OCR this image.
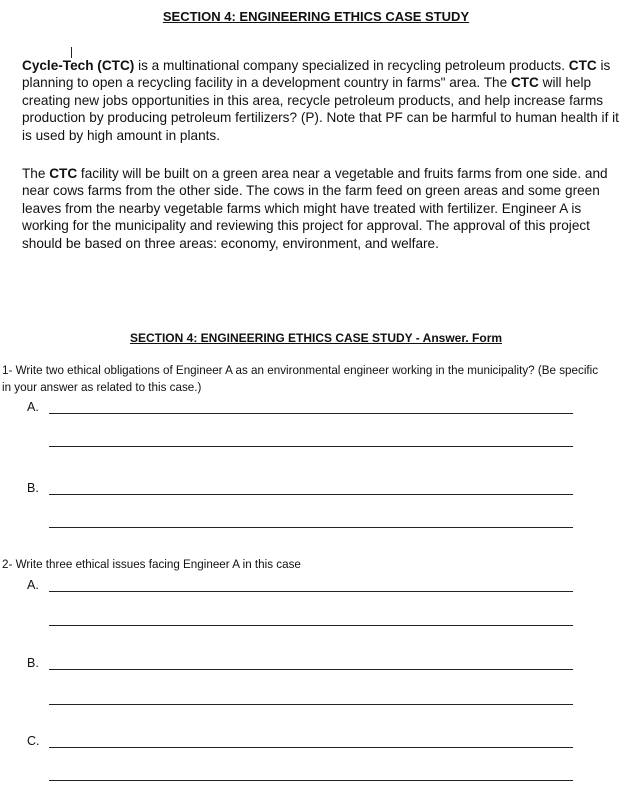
SECTION 4: ENGINEERING ETHICS CASE STUDY

Cycle-Tech (CTC) is a multinational company specialized in recycling petroleum products. CTC is planning to open a recycling facility in a development country in farms" area. The CTC will help creating new jobs opportunities in this area, recycle petroleum products, and help increase farms production by producing petroleum fertilizers? (P). Note that PF can be harmful to human health if it is used by high amount in plants.

The CTC facility will be built on a green area near a vegetable and fruits farms from one side. and near cows farms from the other side. The cows in the farm feed on green areas and some green leaves from the nearby vegetable farms which might have treated with fertilizer. Engineer A is working for the municipality and reviewing this project for approval. The approval of this project should be based on three areas: economy, environment, and welfare.

SECTION 4: ENGINEERING ETHICS CASE STUDY - Answer. Form
1- Write two ethical obligations of Engineer A as an environmental engineer working in the municipality? (Be specific
in your answer as related to this case.)
A.
B.
2- Write three ethical issues facing Engineer A in this case
A.
B.
C.
